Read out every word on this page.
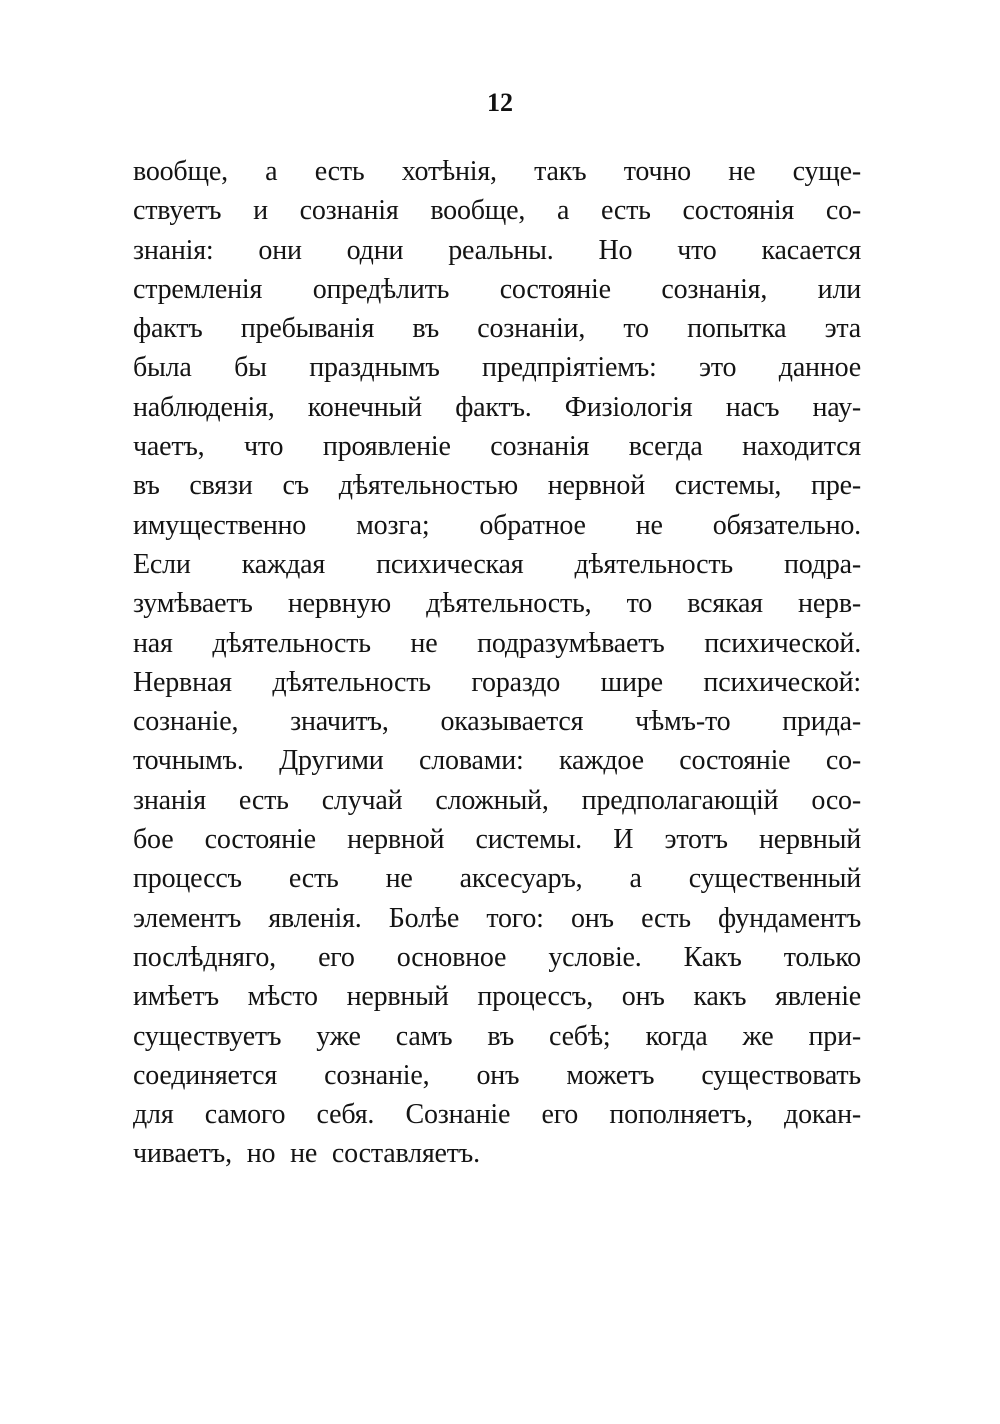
12
вообще, а есть хотѣнія, такъ точно не суще-
ствуетъ и сознанія вообще, а есть состоянія со-
знанія: они одни реальны. Но что касается
стремленія опредѣлить состояніе сознанія, или
фактъ пребыванія въ сознаніи, то попытка эта
была бы празднымъ предпріятіемъ: это данное
наблюденія, конечный фактъ. Физіологія насъ нау-
чаетъ, что проявленіе сознанія всегда находится
въ связи съ дѣятельностью нервной системы, пре-
имущественно мозга; обратное не обязательно.
Если каждая психическая дѣятельность подра-
зумѣваетъ нервную дѣятельность, то всякая нерв-
ная дѣятельность не подразумѣваетъ психической.
Нервная дѣятельность гораздо шире психической:
сознаніе, значитъ, оказывается чѣмъ-то прида-
точнымъ. Другими словами: каждое состояніе со-
знанія есть случай сложный, предполагающій осо-
бое состояніе нервной системы. И этотъ нервный
процессъ есть не аксесуаръ, а существенный
элементъ явленія. Болѣе того: онъ есть фундаментъ
послѣдняго, его основное условіе. Какъ только
имѣетъ мѣсто нервный процессъ, онъ какъ явленіе
существуетъ уже самъ въ себѣ; когда же при-
соединяется сознаніе, онъ можетъ существовать
для самого себя. Сознаніе его пополняетъ, докан-
чиваетъ, но не составляетъ.
